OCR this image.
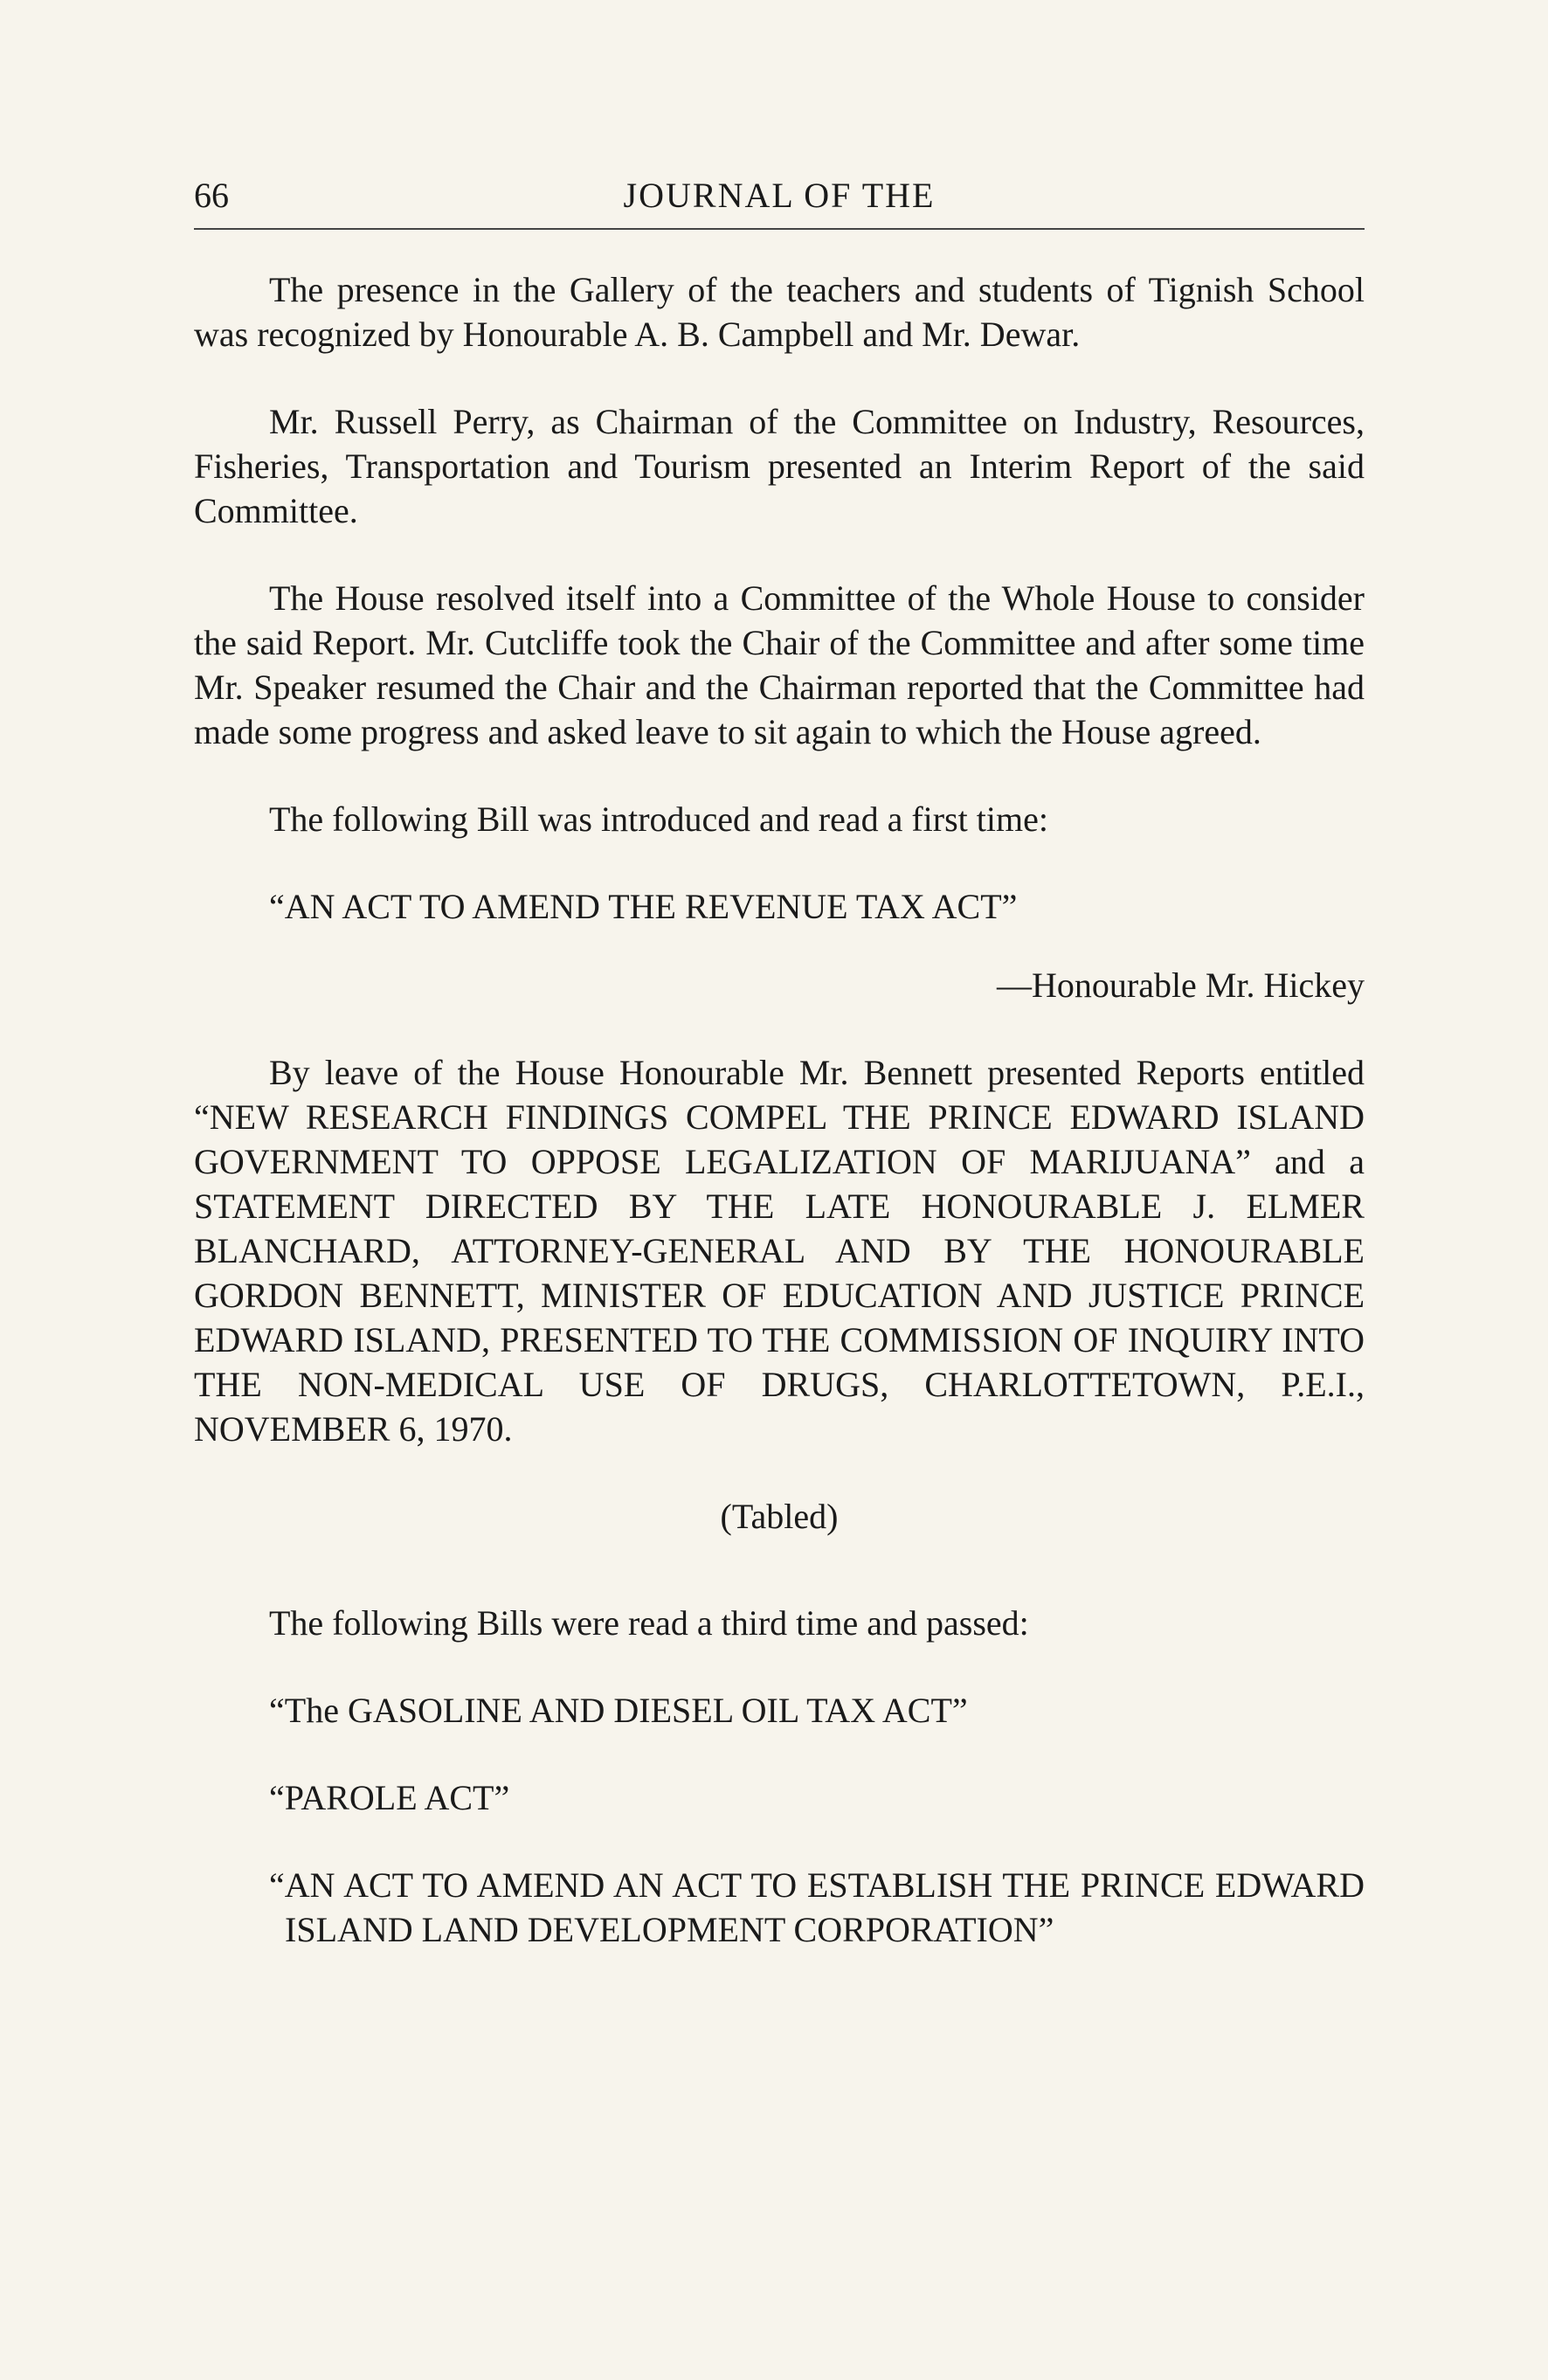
66	JOURNAL OF THE

The presence in the Gallery of the teachers and students of Tignish School was recognized by Honourable A. B. Campbell and Mr. Dewar.

Mr. Russell Perry, as Chairman of the Committee on Industry, Resources, Fisheries, Transportation and Tourism presented an Interim Report of the said Committee.

The House resolved itself into a Committee of the Whole House to consider the said Report. Mr. Cutcliffe took the Chair of the Committee and after some time Mr. Speaker resumed the Chair and the Chairman reported that the Committee had made some progress and asked leave to sit again to which the House agreed.

The following Bill was introduced and read a first time:

“AN ACT TO AMEND THE REVENUE TAX ACT”

—Honourable Mr. Hickey

By leave of the House Honourable Mr. Bennett presented Reports entitled “NEW RESEARCH FINDINGS COMPEL THE PRINCE EDWARD ISLAND GOVERNMENT TO OPPOSE LEGALIZATION OF MARIJUANA” and a STATEMENT DIRECTED BY THE LATE HONOURABLE J. ELMER BLANCHARD, ATTORNEY-GENERAL AND BY THE HONOURABLE GORDON BENNETT, MINISTER OF EDUCATION AND JUSTICE PRINCE EDWARD ISLAND, PRESENTED TO THE COMMISSION OF INQUIRY INTO THE NON-MEDICAL USE OF DRUGS, CHARLOTTETOWN, P.E.I., NOVEMBER 6, 1970.

(Tabled)

The following Bills were read a third time and passed:

“The GASOLINE AND DIESEL OIL TAX ACT”

“PAROLE ACT”

“AN ACT TO AMEND AN ACT TO ESTABLISH THE PRINCE EDWARD ISLAND LAND DEVELOPMENT CORPORATION”
